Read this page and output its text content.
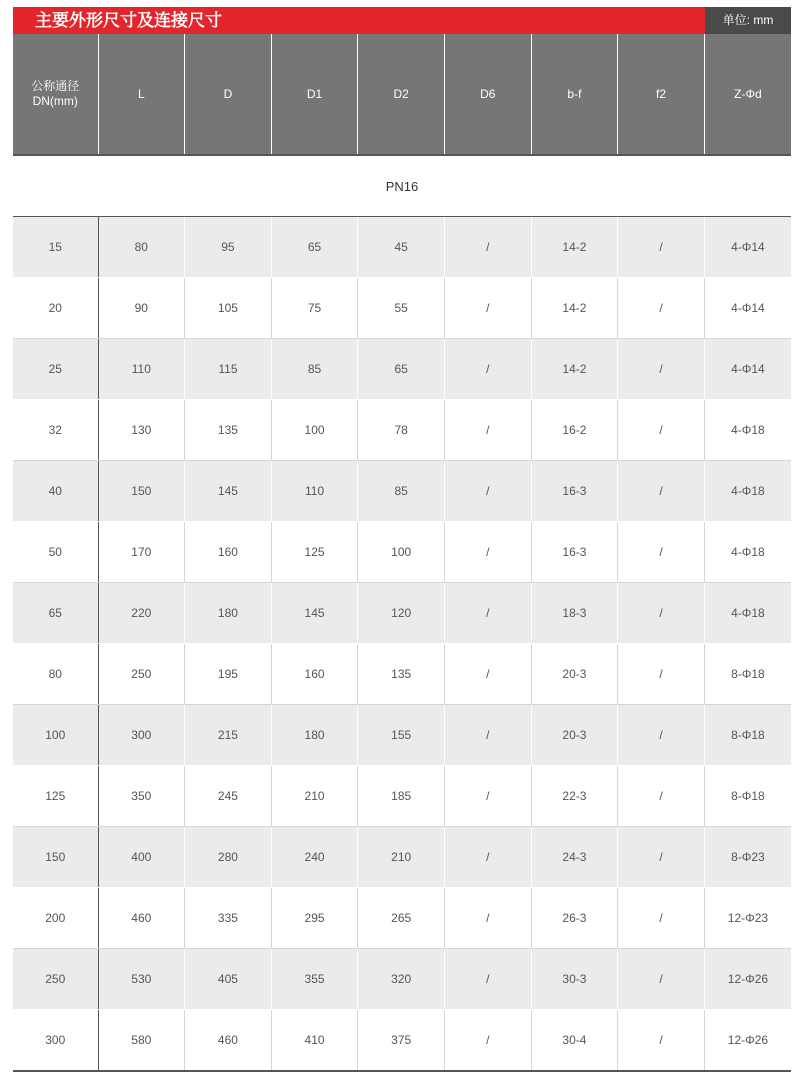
主要外形尺寸及连接尺寸	单位: mm
公称通径
DN(mm)	L	D	D1	D2	D6	b-f	f2	Z-Φd
PN16								
15	80	95	65	45	/	14-2	/	4-Φ14
20	90	105	75	55	/	14-2	/	4-Φ14
25	110	115	85	65	/	14-2	/	4-Φ14
32	130	135	100	78	/	16-2	/	4-Φ18
40	150	145	110	85	/	16-3	/	4-Φ18
50	170	160	125	100	/	16-3	/	4-Φ18
65	220	180	145	120	/	18-3	/	4-Φ18
80	250	195	160	135	/	20-3	/	8-Φ18
100	300	215	180	155	/	20-3	/	8-Φ18
125	350	245	210	185	/	22-3	/	8-Φ18
150	400	280	240	210	/	24-3	/	8-Φ23
200	460	335	295	265	/	26-3	/	12-Φ23
250	530	405	355	320	/	30-3	/	12-Φ26
300	580	460	410	375	/	30-4	/	12-Φ26
